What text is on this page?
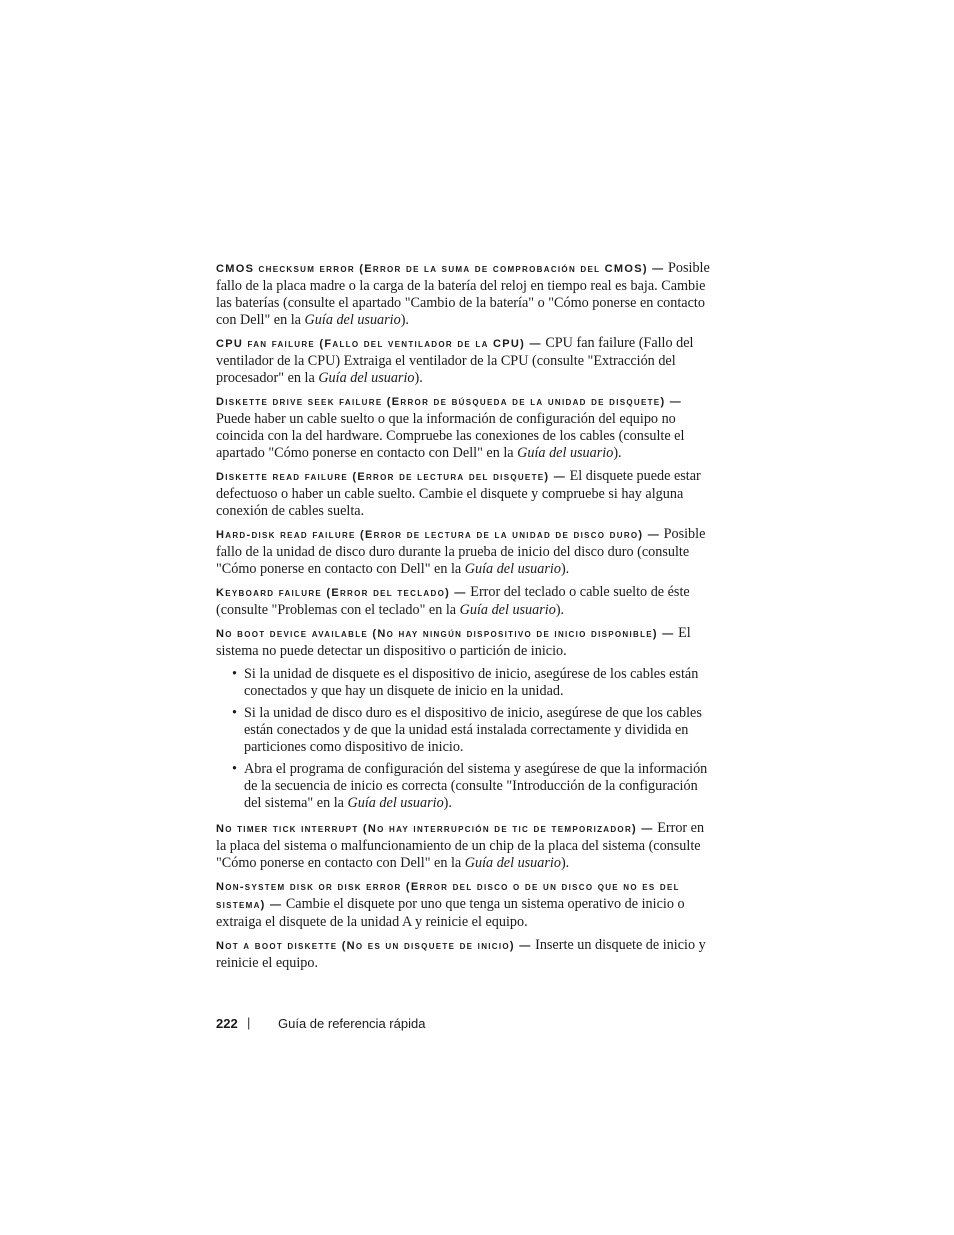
CMOS checksum error (Error de la suma de comprobación del CMOS) — Posible fallo de la placa madre o la carga de la batería del reloj en tiempo real es baja. Cambie las baterías (consulte el apartado "Cambio de la batería" o "Cómo ponerse en contacto con Dell" en la Guía del usuario).

CPU fan failure (Fallo del ventilador de la CPU) — CPU fan failure (Fallo del ventilador de la CPU) Extraiga el ventilador de la CPU (consulte "Extracción del procesador" en la Guía del usuario).

Diskette drive seek failure (Error de búsqueda de la unidad de disquete) — Puede haber un cable suelto o que la información de configuración del equipo no coincida con la del hardware. Compruebe las conexiones de los cables (consulte el apartado "Cómo ponerse en contacto con Dell" en la Guía del usuario).

Diskette read failure (Error de lectura del disquete) — El disquete puede estar defectuoso o haber un cable suelto. Cambie el disquete y compruebe si hay alguna conexión de cables suelta.

Hard-disk read failure (Error de lectura de la unidad de disco duro) — Posible fallo de la unidad de disco duro durante la prueba de inicio del disco duro (consulte "Cómo ponerse en contacto con Dell" en la Guía del usuario).

Keyboard failure (Error del teclado) — Error del teclado o cable suelto de éste (consulte "Problemas con el teclado" en la Guía del usuario).

No boot device available (No hay ningún dispositivo de inicio disponible) — El sistema no puede detectar un dispositivo o partición de inicio.

• Si la unidad de disquete es el dispositivo de inicio, asegúrese de los cables están conectados y que hay un disquete de inicio en la unidad.
• Si la unidad de disco duro es el dispositivo de inicio, asegúrese de que los cables están conectados y de que la unidad está instalada correctamente y dividida en particiones como dispositivo de inicio.
• Abra el programa de configuración del sistema y asegúrese de que la información de la secuencia de inicio es correcta (consulte "Introducción de la configuración del sistema" en la Guía del usuario).

No timer tick interrupt (No hay interrupción de tic de temporizador) — Error en la placa del sistema o malfuncionamiento de un chip de la placa del sistema (consulte "Cómo ponerse en contacto con Dell" en la Guía del usuario).

Non-system disk or disk error (Error del disco o de un disco que no es del sistema) — Cambie el disquete por uno que tenga un sistema operativo de inicio o extraiga el disquete de la unidad A y reinicie el equipo.

Not a boot diskette (No es un disquete de inicio) — Inserte un disquete de inicio y reinicie el equipo.

222 | Guía de referencia rápida
